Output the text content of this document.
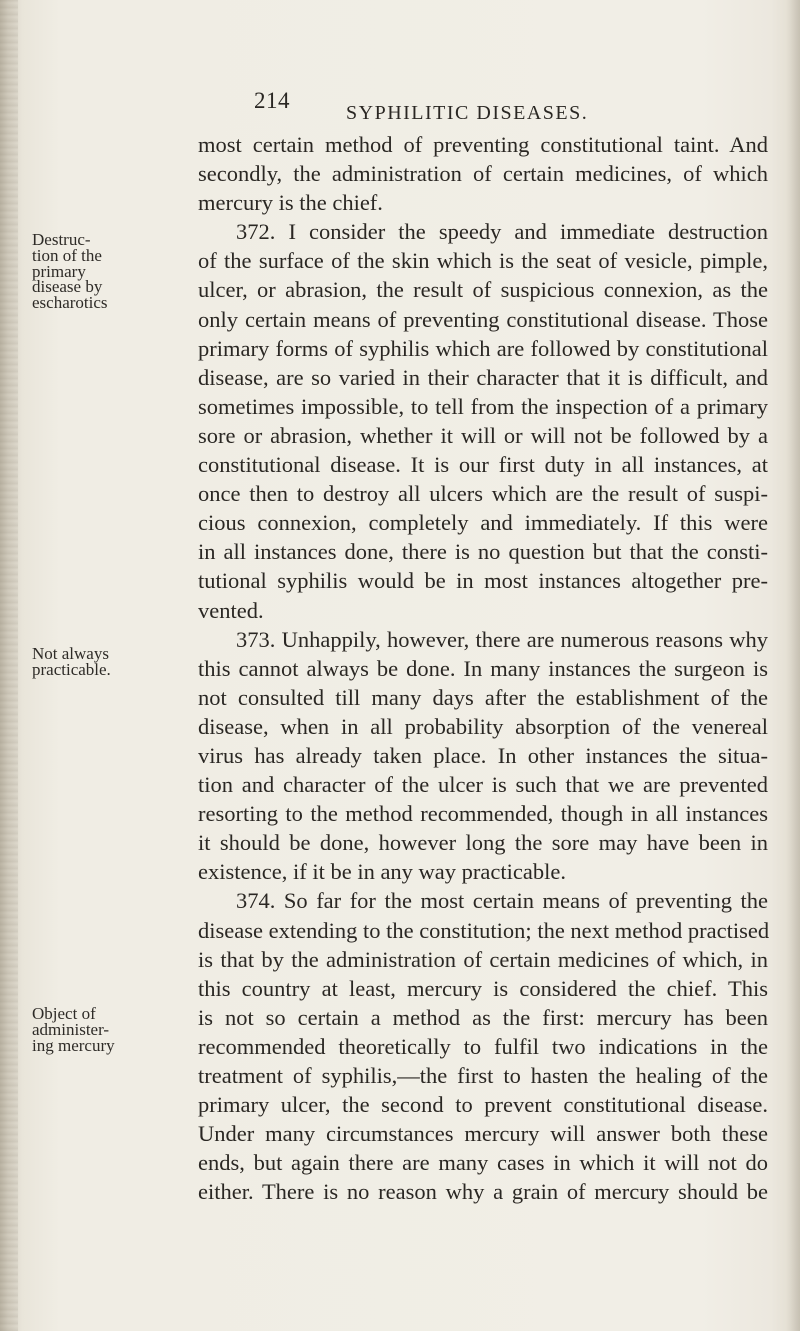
214	SYPHILITIC DISEASES.
Destruc-
tion of the
primary
disease by
escharotics
Not always
practicable.
Object of
administer-
ing mercury
most certain method of preventing constitutional taint. And
secondly, the administration of certain medicines, of which
mercury is the chief.
372. I consider the speedy and immediate destruction
of the surface of the skin which is the seat of vesicle, pimple,
ulcer, or abrasion, the result of suspicious connexion, as the
only certain means of preventing constitutional disease. Those
primary forms of syphilis which are followed by constitutional
disease, are so varied in their character that it is difficult, and
sometimes impossible, to tell from the inspection of a primary
sore or abrasion, whether it will or will not be followed by a
constitutional disease. It is our first duty in all instances, at
once then to destroy all ulcers which are the result of suspi-
cious connexion, completely and immediately. If this were
in all instances done, there is no question but that the consti-
tutional syphilis would be in most instances altogether pre-
vented.
373. Unhappily, however, there are numerous reasons why
this cannot always be done. In many instances the surgeon is
not consulted till many days after the establishment of the
disease, when in all probability absorption of the venereal
virus has already taken place. In other instances the situa-
tion and character of the ulcer is such that we are prevented
resorting to the method recommended, though in all instances
it should be done, however long the sore may have been in
existence, if it be in any way practicable.
374. So far for the most certain means of preventing the
disease extending to the constitution; the next method practised
is that by the administration of certain medicines of which, in
this country at least, mercury is considered the chief. This
is not so certain a method as the first: mercury has been
recommended theoretically to fulfil two indications in the
treatment of syphilis,—the first to hasten the healing of the
primary ulcer, the second to prevent constitutional disease.
Under many circumstances mercury will answer both these
ends, but again there are many cases in which it will not do
either. There is no reason why a grain of mercury should be
